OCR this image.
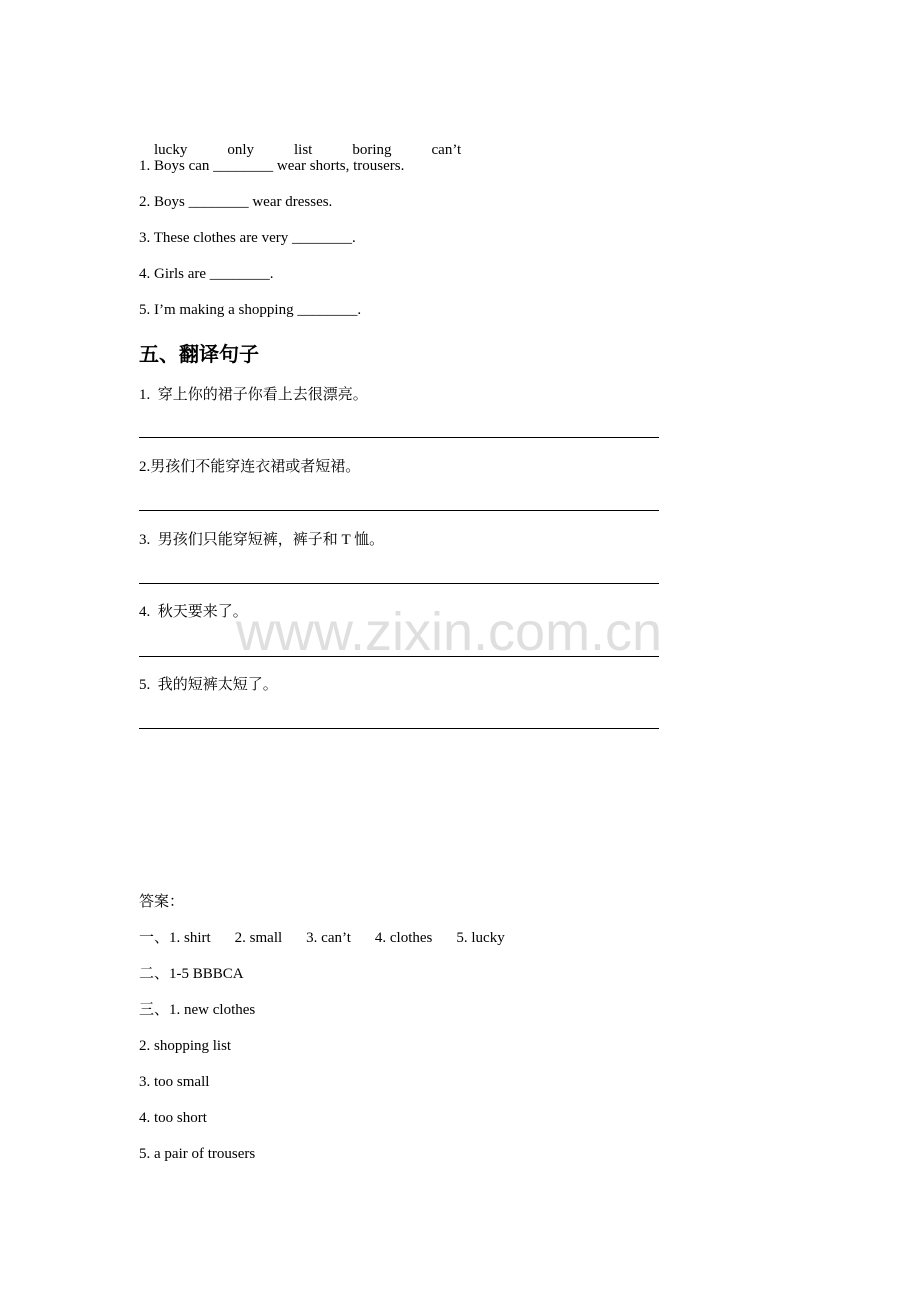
lucky	only	list	boring	can’t

1. Boys can ________ wear shorts, trousers.
2. Boys ________ wear dresses.
3. These clothes are very ________.
4. Girls are ________.
5. I’m making a shopping ________.
五、翻译句子
1.  穿上你的裙子你看上去很漂亮。
2.男孩们不能穿连衣裙或者短裙。
3.  男孩们只能穿短裤，裤子和 T 恤。
4.  秋天要来了。
5.  我的短裤太短了。
www.zixin.com.cn
答案：
一、1. shirt 2. small 3. can’t 4. clothes 5. lucky
二、1-5 BBBCA
三、1. new clothes
2. shopping list
3. too small
4. too short
5. a pair of trousers
